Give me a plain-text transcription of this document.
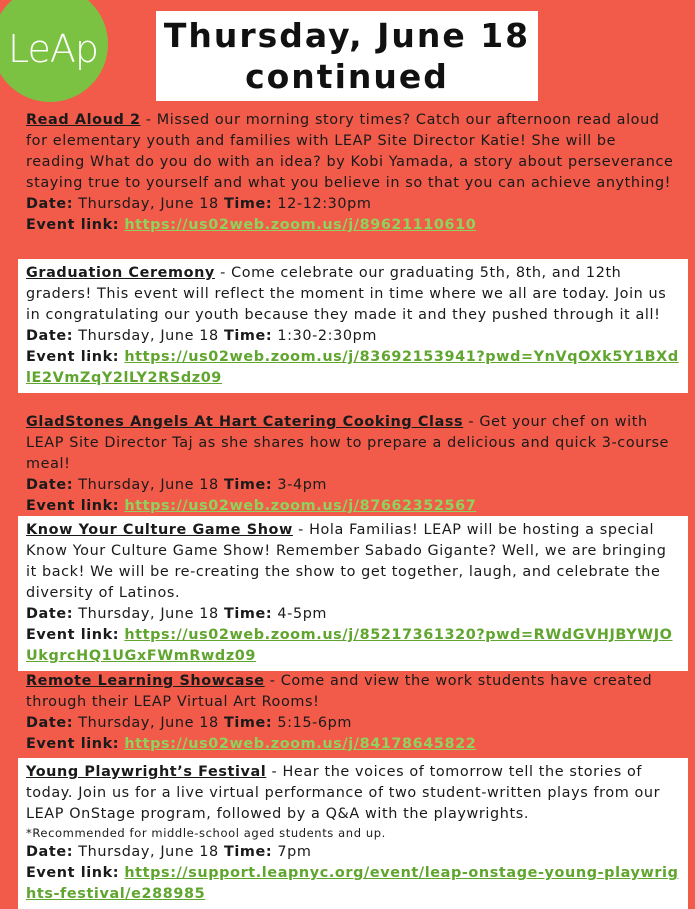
LeAp Thursday, June 18
continued

Read Aloud 2 - Missed our morning story times? Catch our afternoon read aloud for elementary youth and families with LEAP Site Director Katie! She will be reading What do you do with an idea? by Kobi Yamada, a story about perseverance staying true to yourself and what you believe in so that you can achieve anything!

Date: Thursday, June 18 Time: 12-12:30pm

Event link: https://us02web.zoom.us/j/89621110610

Graduation Ceremony - Come celebrate our graduating 5th, 8th, and 12th graders! This event will reflect the moment in time where we all are today. Join us in congratulating our youth because they made it and they pushed through it all!

Date: Thursday, June 18 Time: 1:30-2:30pm

Event link: https://us02web.zoom.us/j/83692153941?pwd=YnVqOXk5Y1BXdlE2VmZqY2lLY2RSdz09

GladStones Angels At Hart Catering Cooking Class - Get your chef on with LEAP Site Director Taj as she shares how to prepare a delicious and quick 3-course meal!

Date: Thursday, June 18 Time: 3-4pm

Event link: https://us02web.zoom.us/j/87662352567

Know Your Culture Game Show - Hola Familias! LEAP will be hosting a special Know Your Culture Game Show! Remember Sabado Gigante? Well, we are bringing it back! We will be re-creating the show to get together, laugh, and celebrate the diversity of Latinos.

Date: Thursday, June 18 Time: 4-5pm

Event link: https://us02web.zoom.us/j/85217361320?pwd=RWdGVHJBYWJOUkgrcHQ1UGxFWmRwdz09

Remote Learning Showcase - Come and view the work students have created through their LEAP Virtual Art Rooms!

Date: Thursday, June 18 Time: 5:15-6pm

Event link: https://us02web.zoom.us/j/84178645822

Young Playwright’s Festival - Hear the voices of tomorrow tell the stories of today. Join us for a live virtual performance of two student-written plays from our LEAP OnStage program, followed by a Q&A with the playwrights.

*Recommended for middle-school aged students and up.

Date: Thursday, June 18 Time: 7pm

Event link: https://support.leapnyc.org/event/leap-onstage-young-playwrights-festival/e288985
